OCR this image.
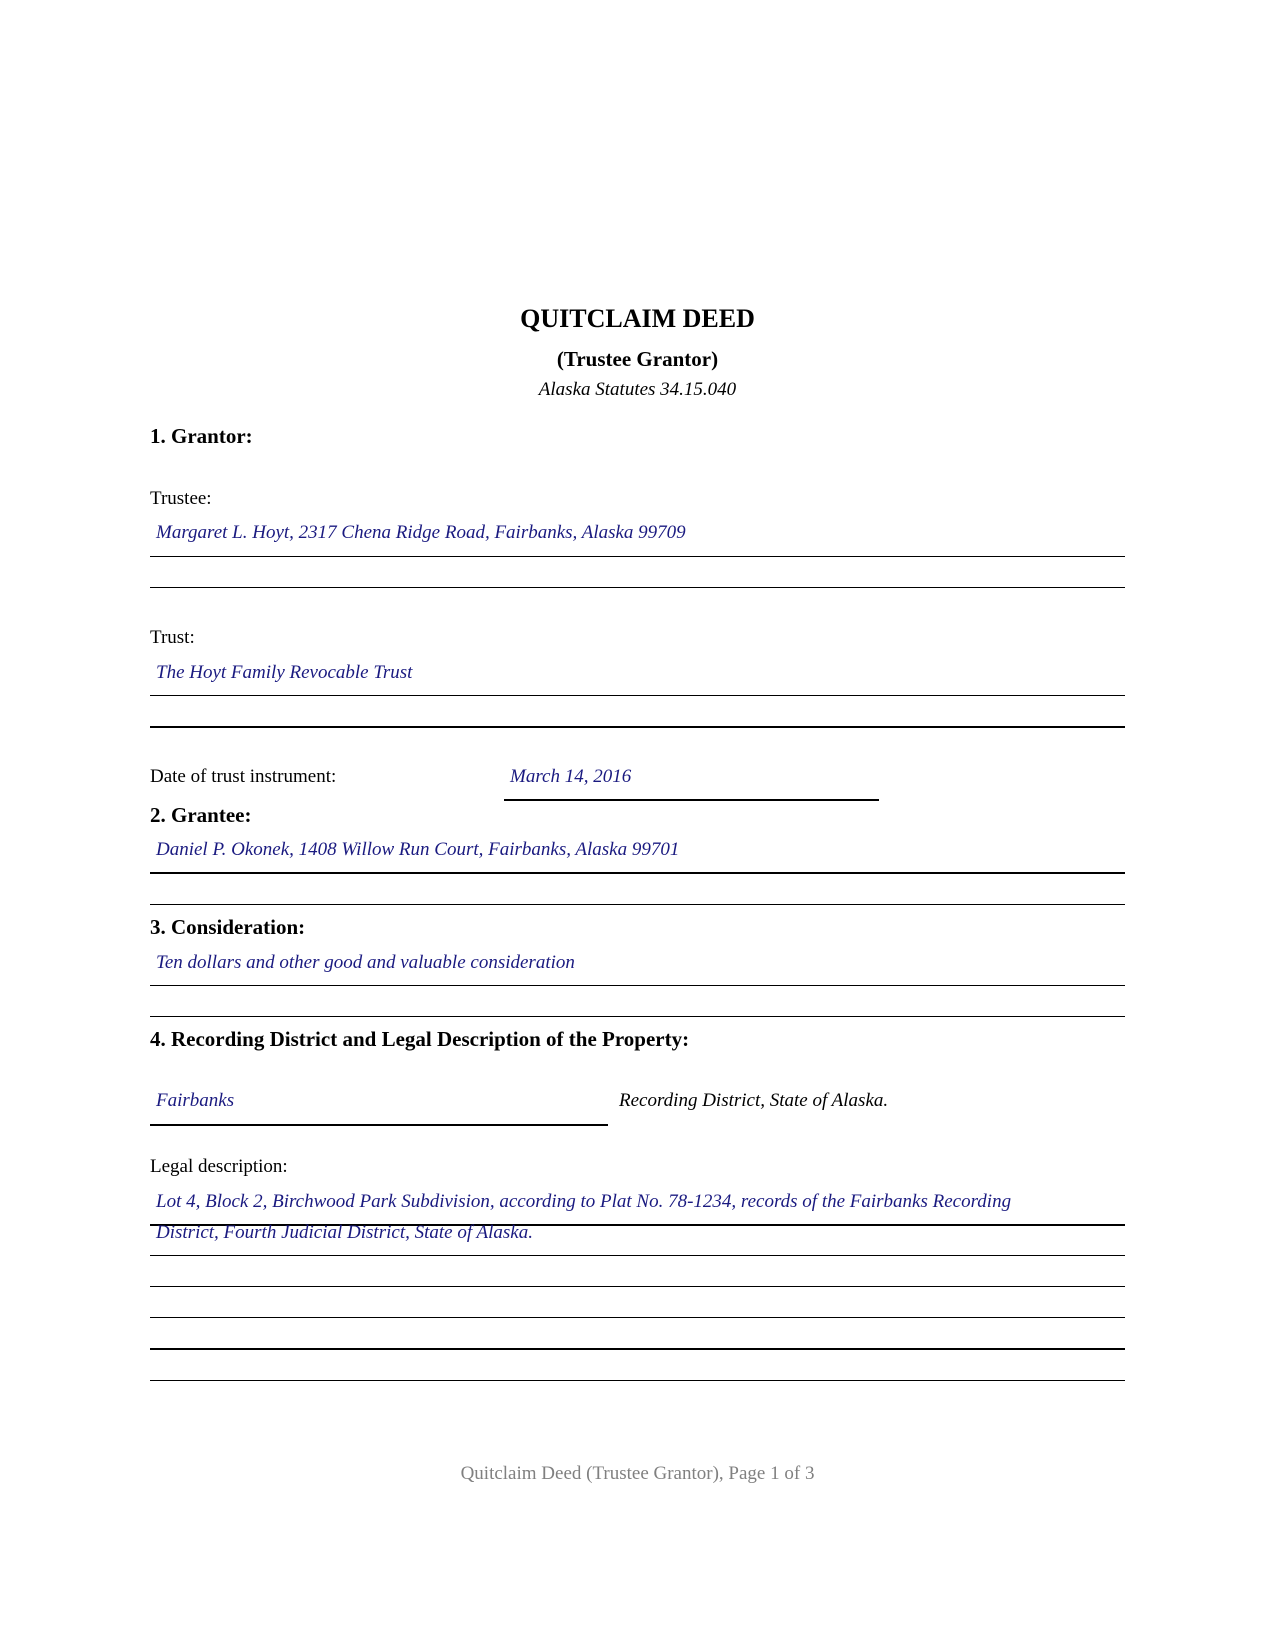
QUITCLAIM DEED
(Trustee Grantor)
Alaska Statutes 34.15.040
1. Grantor:
Trustee:
Margaret L. Hoyt, 2317 Chena Ridge Road, Fairbanks, Alaska 99709
Trust:
The Hoyt Family Revocable Trust
Date of trust instrument:	March 14, 2016
2. Grantee:
Daniel P. Okonek, 1408 Willow Run Court, Fairbanks, Alaska 99701
3. Consideration:
Ten dollars and other good and valuable consideration
4. Recording District and Legal Description of the Property:
Fairbanks	Recording District, State of Alaska.
Legal description:
Lot 4, Block 2, Birchwood Park Subdivision, according to Plat No. 78-1234, records of the Fairbanks Recording
District, Fourth Judicial District, State of Alaska.
Quitclaim Deed (Trustee Grantor), Page 1 of 3
